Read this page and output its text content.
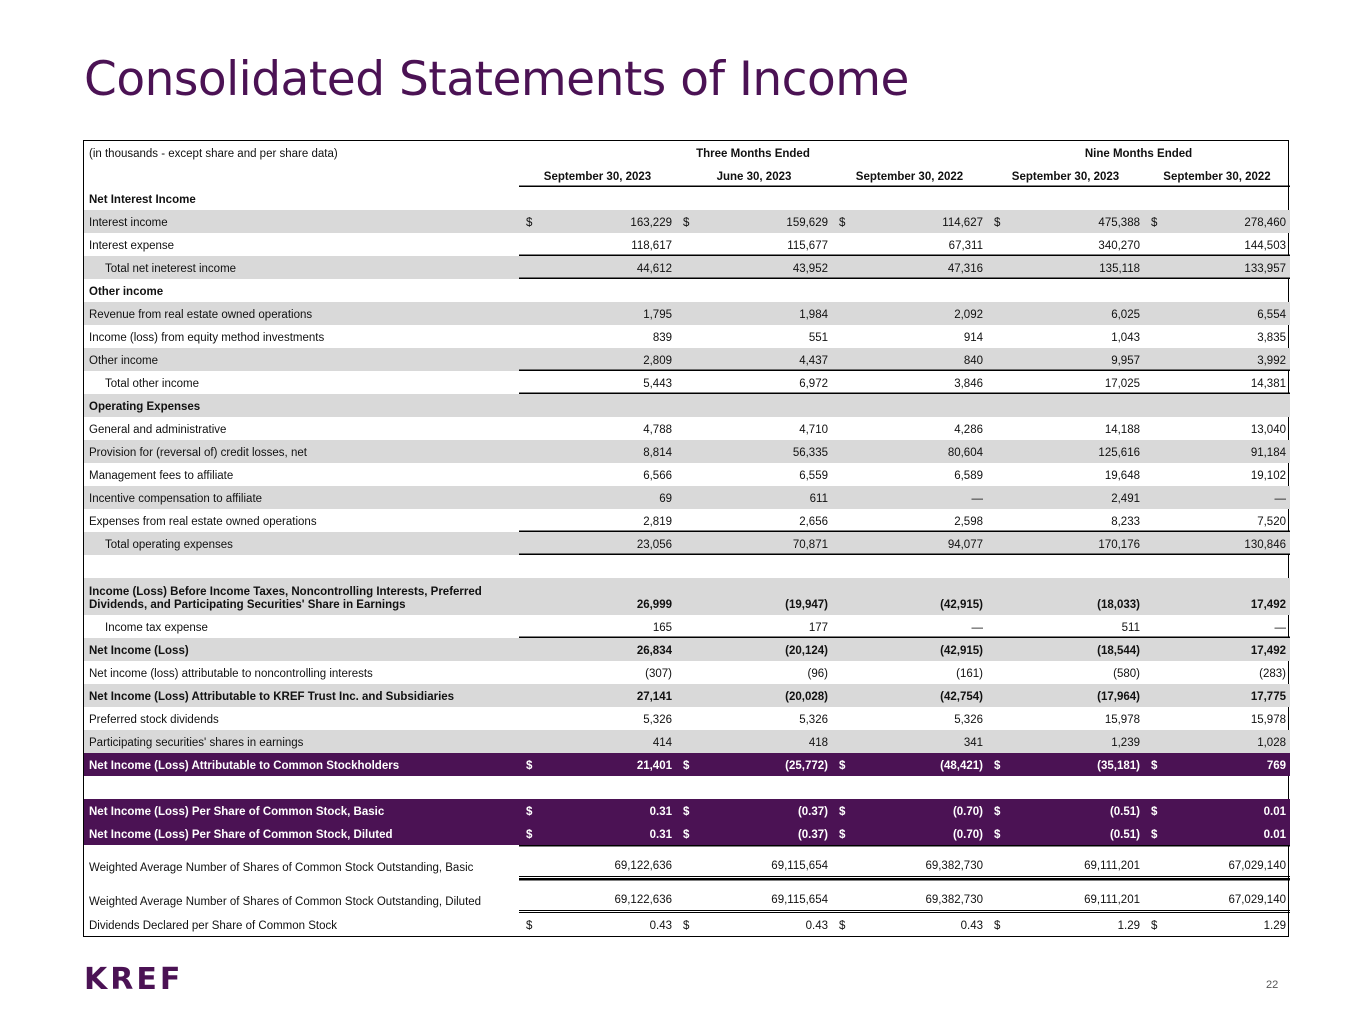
Consolidated Statements of Income
(in thousands - except share and per share data)	Three Months Ended			Nine Months Ended	
	September 30, 2023	June 30, 2023	September 30, 2022	September 30, 2023	September 30, 2022
Net Interest Income					
Interest income	$ 163,229	$ 159,629	$ 114,627	$ 475,388	$ 278,460
Interest expense	118,617	115,677	67,311	340,270	144,503
Total net ineterest income	44,612	43,952	47,316	135,118	133,957
Other income					
Revenue from real estate owned operations	1,795	1,984	2,092	6,025	6,554
Income (loss) from equity method investments	839	551	914	1,043	3,835
Other income	2,809	4,437	840	9,957	3,992
Total other income	5,443	6,972	3,846	17,025	14,381
Operating Expenses					
General and administrative	4,788	4,710	4,286	14,188	13,040
Provision for (reversal of) credit losses, net	8,814	56,335	80,604	125,616	91,184
Management fees to affiliate	6,566	6,559	6,589	19,648	19,102
Incentive compensation to affiliate	69	611	—	2,491	—
Expenses from real estate owned operations	2,819	2,656	2,598	8,233	7,520
Total operating expenses	23,056	70,871	94,077	170,176	130,846

Income (Loss) Before Income Taxes, Noncontrolling Interests, Preferred Dividends, and Participating Securities' Share in Earnings	26,999	(19,947)	(42,915)	(18,033)	17,492
Income tax expense	165	177	—	511	—
Net Income (Loss)	26,834	(20,124)	(42,915)	(18,544)	17,492
Net income (loss) attributable to noncontrolling interests	(307)	(96)	(161)	(580)	(283)
Net Income (Loss) Attributable to KREF Trust Inc. and Subsidiaries	27,141	(20,028)	(42,754)	(17,964)	17,775
Preferred stock dividends	5,326	5,326	5,326	15,978	15,978
Participating securities' shares in earnings	414	418	341	1,239	1,028
Net Income (Loss) Attributable to Common Stockholders	$ 21,401	$ (25,772)	$ (48,421)	$ (35,181)	$ 769

Net Income (Loss) Per Share of Common Stock, Basic	$ 0.31	$ (0.37)	$ (0.70)	$ (0.51)	$ 0.01
Net Income (Loss) Per Share of Common Stock, Diluted	$ 0.31	$ (0.37)	$ (0.70)	$ (0.51)	$ 0.01
Weighted Average Number of Shares of Common Stock Outstanding, Basic	69,122,636	69,115,654	69,382,730	69,111,201	67,029,140
Weighted Average Number of Shares of Common Stock Outstanding, Diluted	69,122,636	69,115,654	69,382,730	69,111,201	67,029,140
Dividends Declared per Share of Common Stock	$ 0.43	$ 0.43	$ 0.43	$ 1.29	$ 1.29
KREF	22
